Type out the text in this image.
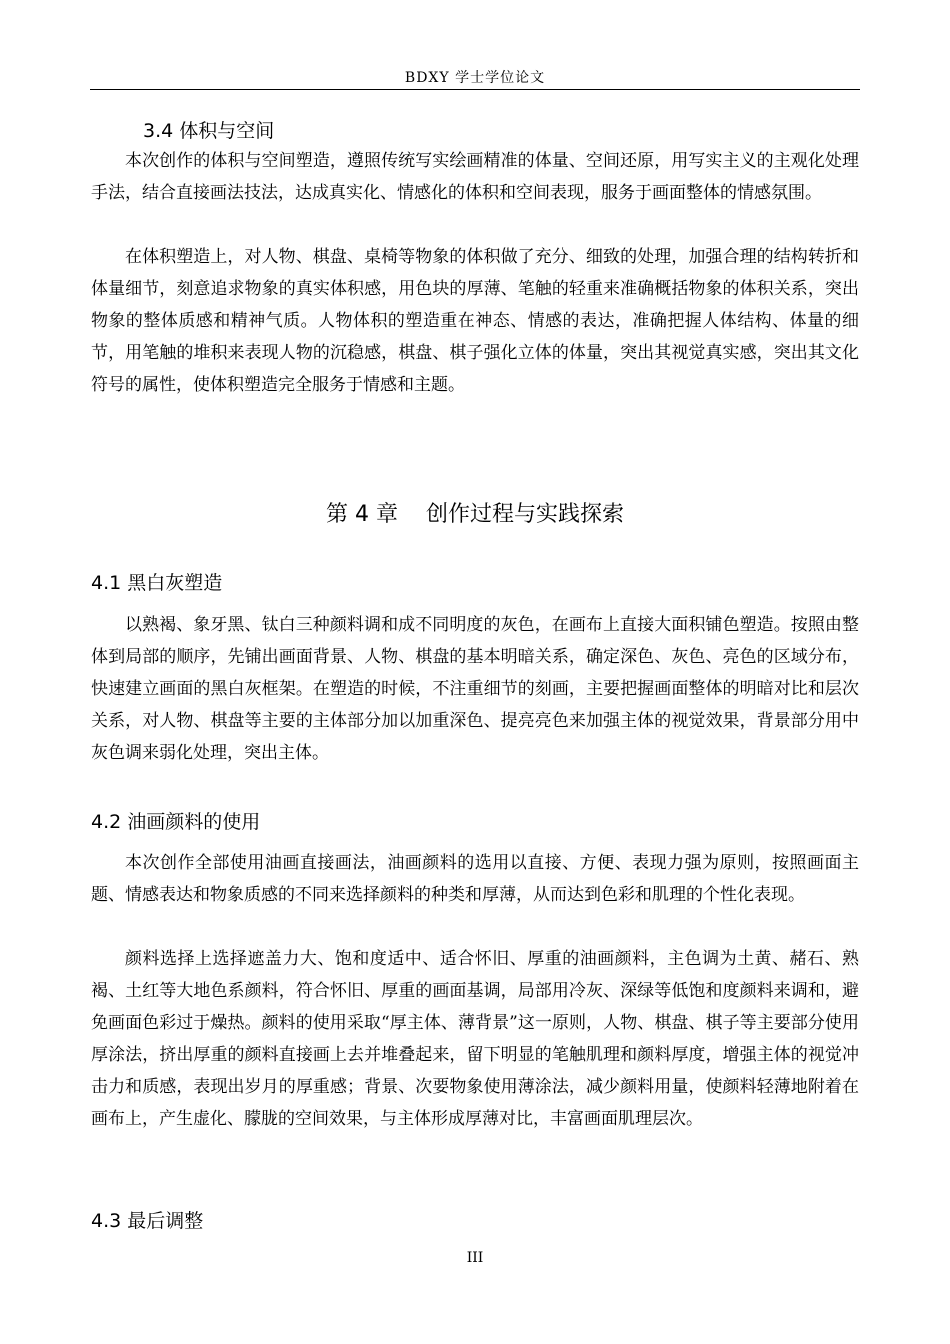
BDXY 学士学位论文
3.4 体积与空间

本次创作的体积与空间塑造，遵照传统写实绘画精准的体量、空间还原，用写实主义的主观化处理手法，结合直接画法技法，达成真实化、情感化的体积和空间表现，服务于画面整体的情感氛围。

在体积塑造上，对人物、棋盘、桌椅等物象的体积做了充分、细致的处理，加强合理的结构转折和体量细节，刻意追求物象的真实体积感，用色块的厚薄、笔触的轻重来准确概括物象的体积关系，突出物象的整体质感和精神气质。人物体积的塑造重在神态、情感的表达，准确把握人体结构、体量的细节，用笔触的堆积来表现人物的沉稳感，棋盘、棋子强化立体的体量，突出其视觉真实感，突出其文化符号的属性，使体积塑造完全服务于情感和主题。

第 4 章    创作过程与实践探索
4.1 黑白灰塑造

以熟褐、象牙黑、钛白三种颜料调和成不同明度的灰色，在画布上直接大面积铺色塑造。按照由整体到局部的顺序，先铺出画面背景、人物、棋盘的基本明暗关系，确定深色、灰色、亮色的区域分布，快速建立画面的黑白灰框架。在塑造的时候，不注重细节的刻画，主要把握画面整体的明暗对比和层次关系，对人物、棋盘等主要的主体部分加以加重深色、提亮亮色来加强主体的视觉效果，背景部分用中灰色调来弱化处理，突出主体。

4.2 油画颜料的使用

本次创作全部使用油画直接画法，油画颜料的选用以直接、方便、表现力强为原则，按照画面主题、情感表达和物象质感的不同来选择颜料的种类和厚薄，从而达到色彩和肌理的个性化表现。

颜料选择上选择遮盖力大、饱和度适中、适合怀旧、厚重的油画颜料，主色调为土黄、赭石、熟褐、土红等大地色系颜料，符合怀旧、厚重的画面基调，局部用冷灰、深绿等低饱和度颜料来调和，避免画面色彩过于燥热。颜料的使用采取“厚主体、薄背景”这一原则，人物、棋盘、棋子等主要部分使用厚涂法，挤出厚重的颜料直接画上去并堆叠起来，留下明显的笔触肌理和颜料厚度，增强主体的视觉冲击力和质感，表现出岁月的厚重感；背景、次要物象使用薄涂法，减少颜料用量，使颜料轻薄地附着在画布上，产生虚化、朦胧的空间效果，与主体形成厚薄对比，丰富画面肌理层次。

4.3 最后调整
III
